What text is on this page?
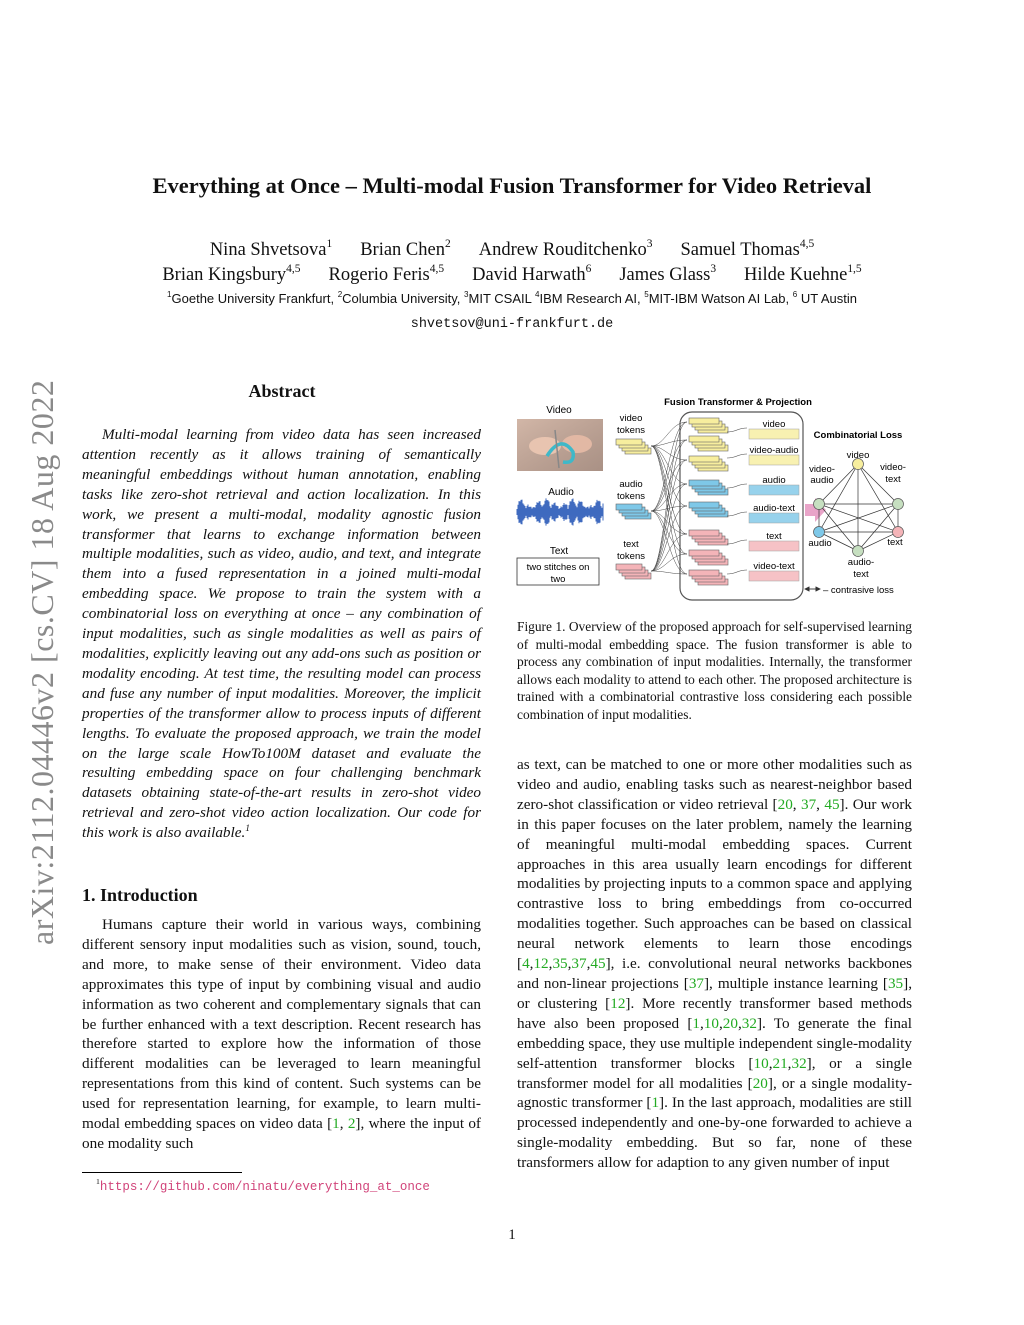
arXiv:2112.04446v2 [cs.CV] 18 Aug 2022
Everything at Once – Multi-modal Fusion Transformer for Video Retrieval
Nina Shvetsova$^1$ Brian Chen$^2$ Andrew Rouditchenko$^3$ Samuel Thomas$^{4,5}$
Brian Kingsbury$^{4,5}$ Rogerio Feris$^{4,5}$ David Harwath$^6$ James Glass$^3$ Hilde Kuehne$^{1,5}$
$^1$Goethe University Frankfurt, $^2$Columbia University, $^3$MIT CSAIL $^4$IBM Research AI, $^5$MIT-IBM Watson AI Lab, $^6$ UT Austin
shvetsov@uni-frankfurt.de
Abstract
Multi-modal learning from video data has seen increased attention recently as it allows training of semantically meaningful embeddings without human annotation, enabling tasks like zero-shot retrieval and action localization. In this work, we present a multi-modal, modality agnostic fusion transformer that learns to exchange information between multiple modalities, such as video, audio, and text, and integrate them into a fused representation in a joined multi-modal embedding space. We propose to train the system with a combinatorial loss on everything at once – any combination of input modalities, such as single modalities as well as pairs of modalities, explicitly leaving out any add-ons such as position or modality encoding. At test time, the resulting model can process and fuse any number of input modalities. Moreover, the implicit properties of the transformer allow to process inputs of different lengths. To evaluate the proposed approach, we train the model on the large scale HowTo100M dataset and evaluate the resulting embedding space on four challenging benchmark datasets obtaining state-of-the-art results in zero-shot video retrieval and zero-shot video action localization. Our code for this work is also available.$^1$
1. Introduction
Humans capture their world in various ways, combining different sensory input modalities such as vision, sound, touch, and more, to make sense of their environment. Video data approximates this type of input by combining visual and audio information as two coherent and complementary signals that can be further enhanced with a text description. Recent research has therefore started to explore how the information of those different modalities can be leveraged to learn meaningful representations from this kind of content. Such systems can be used for representation learning, for example, to learn multi-modal embedding spaces on video data [1, 2], where the input of one modality such
$^1$https://github.com/ninatu/everything_at_once
Video
Audio
Text
two stitches on
two
video
tokens
audio
tokens
text
tokens
Fusion Transformer & Projection
video
video-audio
audio
audio-text
text
video-text
Combinatorial Loss
video
video-
audio
video-
text
audio	text
audio-
text
– contrasive loss
Figure 1. Overview of the proposed approach for self-supervised learning of multi-modal embedding space. The fusion transformer is able to process any combination of input modalities. Internally, the transformer allows each modality to attend to each other. The proposed architecture is trained with a combinatorial contrastive loss considering each possible combination of input modalities.
as text, can be matched to one or more other modalities such as video and audio, enabling tasks such as nearest-neighbor based zero-shot classification or video retrieval [20, 37, 45]. Our work in this paper focuses on the later problem, namely the learning of meaningful multi-modal embedding spaces. Current approaches in this area usually learn encodings for different modalities by projecting inputs to a common space and applying contrastive loss to bring embeddings from co-occurred modalities together. Such approaches can be based on classical neural network elements to learn those encodings [4,12,35,37,45], i.e. convolutional neural networks backbones and non-linear projections [37], multiple instance learning [35], or clustering [12]. More recently transformer based methods have also been proposed [1,10,20,32]. To generate the final embedding space, they use multiple independent single-modality self-attention transformer blocks [10,21,32], or a single transformer model for all modalities [20], or a single modality-agnostic transformer [1]. In the last approach, modalities are still processed independently and one-by-one forwarded to achieve a single-modality embedding. But so far, none of these transformers allow for adaption to any given number of input
1
